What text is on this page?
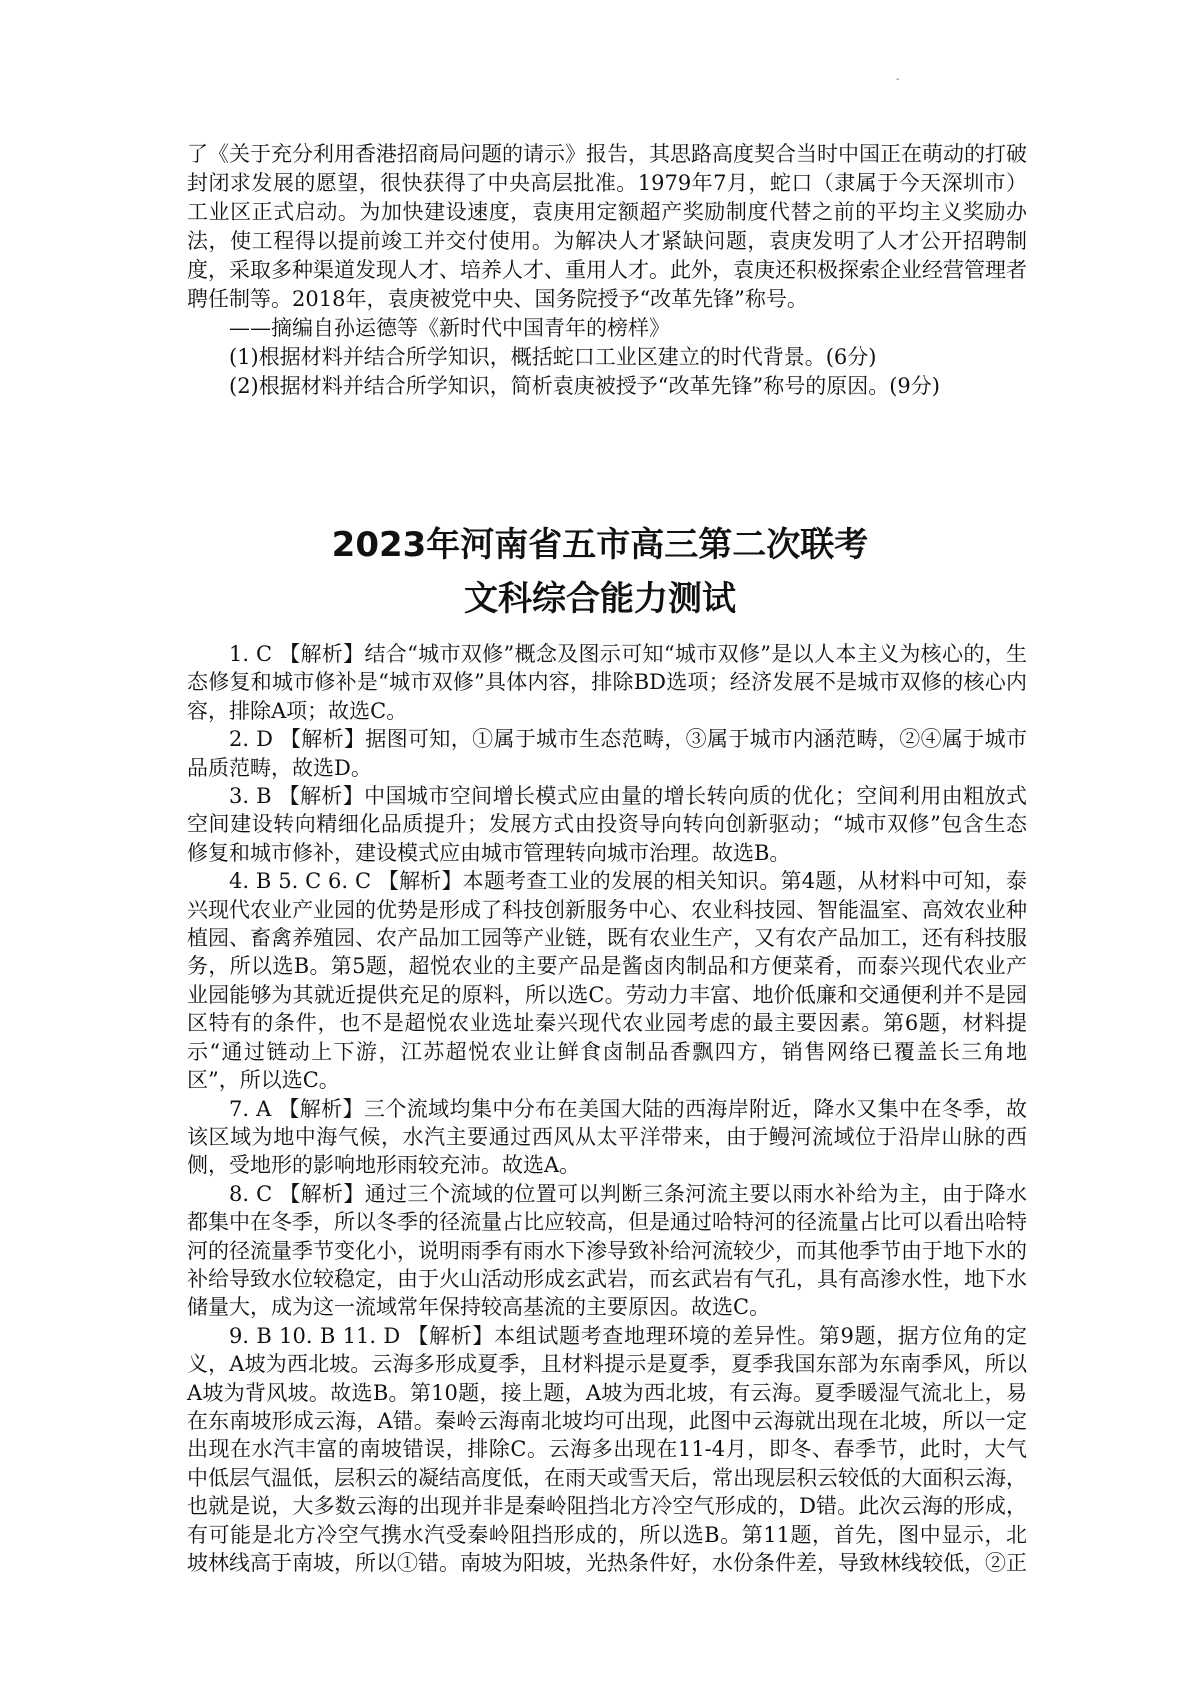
-

了《关于充分利用香港招商局问题的请示》报告，其思路高度契合当时中国正在萌动的打破封闭求发展的愿望，很快获得了中央高层批准。1979年7月，蛇口（隶属于今天深圳市）工业区正式启动。为加快建设速度，袁庚用定额超产奖励制度代替之前的平均主义奖励办法，使工程得以提前竣工并交付使用。为解决人才紧缺问题，袁庚发明了人才公开招聘制度，采取多种渠道发现人才、培养人才、重用人才。此外，袁庚还积极探索企业经营管理者聘任制等。2018年，袁庚被党中央、国务院授予“改革先锋”称号。

——摘编自孙运德等《新时代中国青年的榜样》

(1)根据材料并结合所学知识，概括蛇口工业区建立的时代背景。(6分)

(2)根据材料并结合所学知识，简析袁庚被授予“改革先锋”称号的原因。(9分)

2023年河南省五市高三第二次联考
文科综合能力测试

1. C 【解析】结合“城市双修”概念及图示可知“城市双修”是以人本主义为核心的，生态修复和城市修补是“城市双修”具体内容，排除BD选项；经济发展不是城市双修的核心内容，排除A项；故选C。

2. D 【解析】据图可知，①属于城市生态范畴，③属于城市内涵范畴，②④属于城市品质范畴，故选D。

3. B 【解析】中国城市空间增长模式应由量的增长转向质的优化；空间利用由粗放式空间建设转向精细化品质提升；发展方式由投资导向转向创新驱动；“城市双修”包含生态修复和城市修补，建设模式应由城市管理转向城市治理。故选B。

4. B 5. C 6. C 【解析】本题考查工业的发展的相关知识。第4题，从材料中可知，泰兴现代农业产业园的优势是形成了科技创新服务中心、农业科技园、智能温室、高效农业种植园、畜禽养殖园、农产品加工园等产业链，既有农业生产，又有农产品加工，还有科技服务，所以选B。第5题，超悦农业的主要产品是酱卤肉制品和方便菜肴，而泰兴现代农业产业园能够为其就近提供充足的原料，所以选C。劳动力丰富、地价低廉和交通便利并不是园区特有的条件，也不是超悦农业选址秦兴现代农业园考虑的最主要因素。第6题，材料提示“通过链动上下游，江苏超悦农业让鲜食卤制品香飘四方，销售网络已覆盖长三角地区”，所以选C。

7. A 【解析】三个流域均集中分布在美国大陆的西海岸附近，降水又集中在冬季，故该区域为地中海气候，水汽主要通过西风从太平洋带来，由于鳗河流域位于沿岸山脉的西侧，受地形的影响地形雨较充沛。故选A。

8. C 【解析】通过三个流域的位置可以判断三条河流主要以雨水补给为主，由于降水都集中在冬季，所以冬季的径流量占比应较高，但是通过哈特河的径流量占比可以看出哈特河的径流量季节变化小，说明雨季有雨水下渗导致补给河流较少，而其他季节由于地下水的补给导致水位较稳定，由于火山活动形成玄武岩，而玄武岩有气孔，具有高渗水性，地下水储量大，成为这一流域常年保持较高基流的主要原因。故选C。

9. B 10. B 11. D 【解析】本组试题考查地理环境的差异性。第9题，据方位角的定义，A坡为西北坡。云海多形成夏季，且材料提示是夏季，夏季我国东部为东南季风，所以A坡为背风坡。故选B。第10题，接上题，A坡为西北坡，有云海。夏季暖湿气流北上，易在东南坡形成云海，A错。秦岭云海南北坡均可出现，此图中云海就出现在北坡，所以一定出现在水汽丰富的南坡错误，排除C。云海多出现在11-4月，即冬、春季节，此时，大气中低层气温低，层积云的凝结高度低，在雨天或雪天后，常出现层积云较低的大面积云海，也就是说，大多数云海的出现并非是秦岭阻挡北方冷空气形成的，D错。此次云海的形成，有可能是北方冷空气携水汽受秦岭阻挡形成的，所以选B。第11题，首先，图中显示，北坡林线高于南坡，所以①错。南坡为阳坡，光热条件好，水份条件差，导致林线较低，②正
